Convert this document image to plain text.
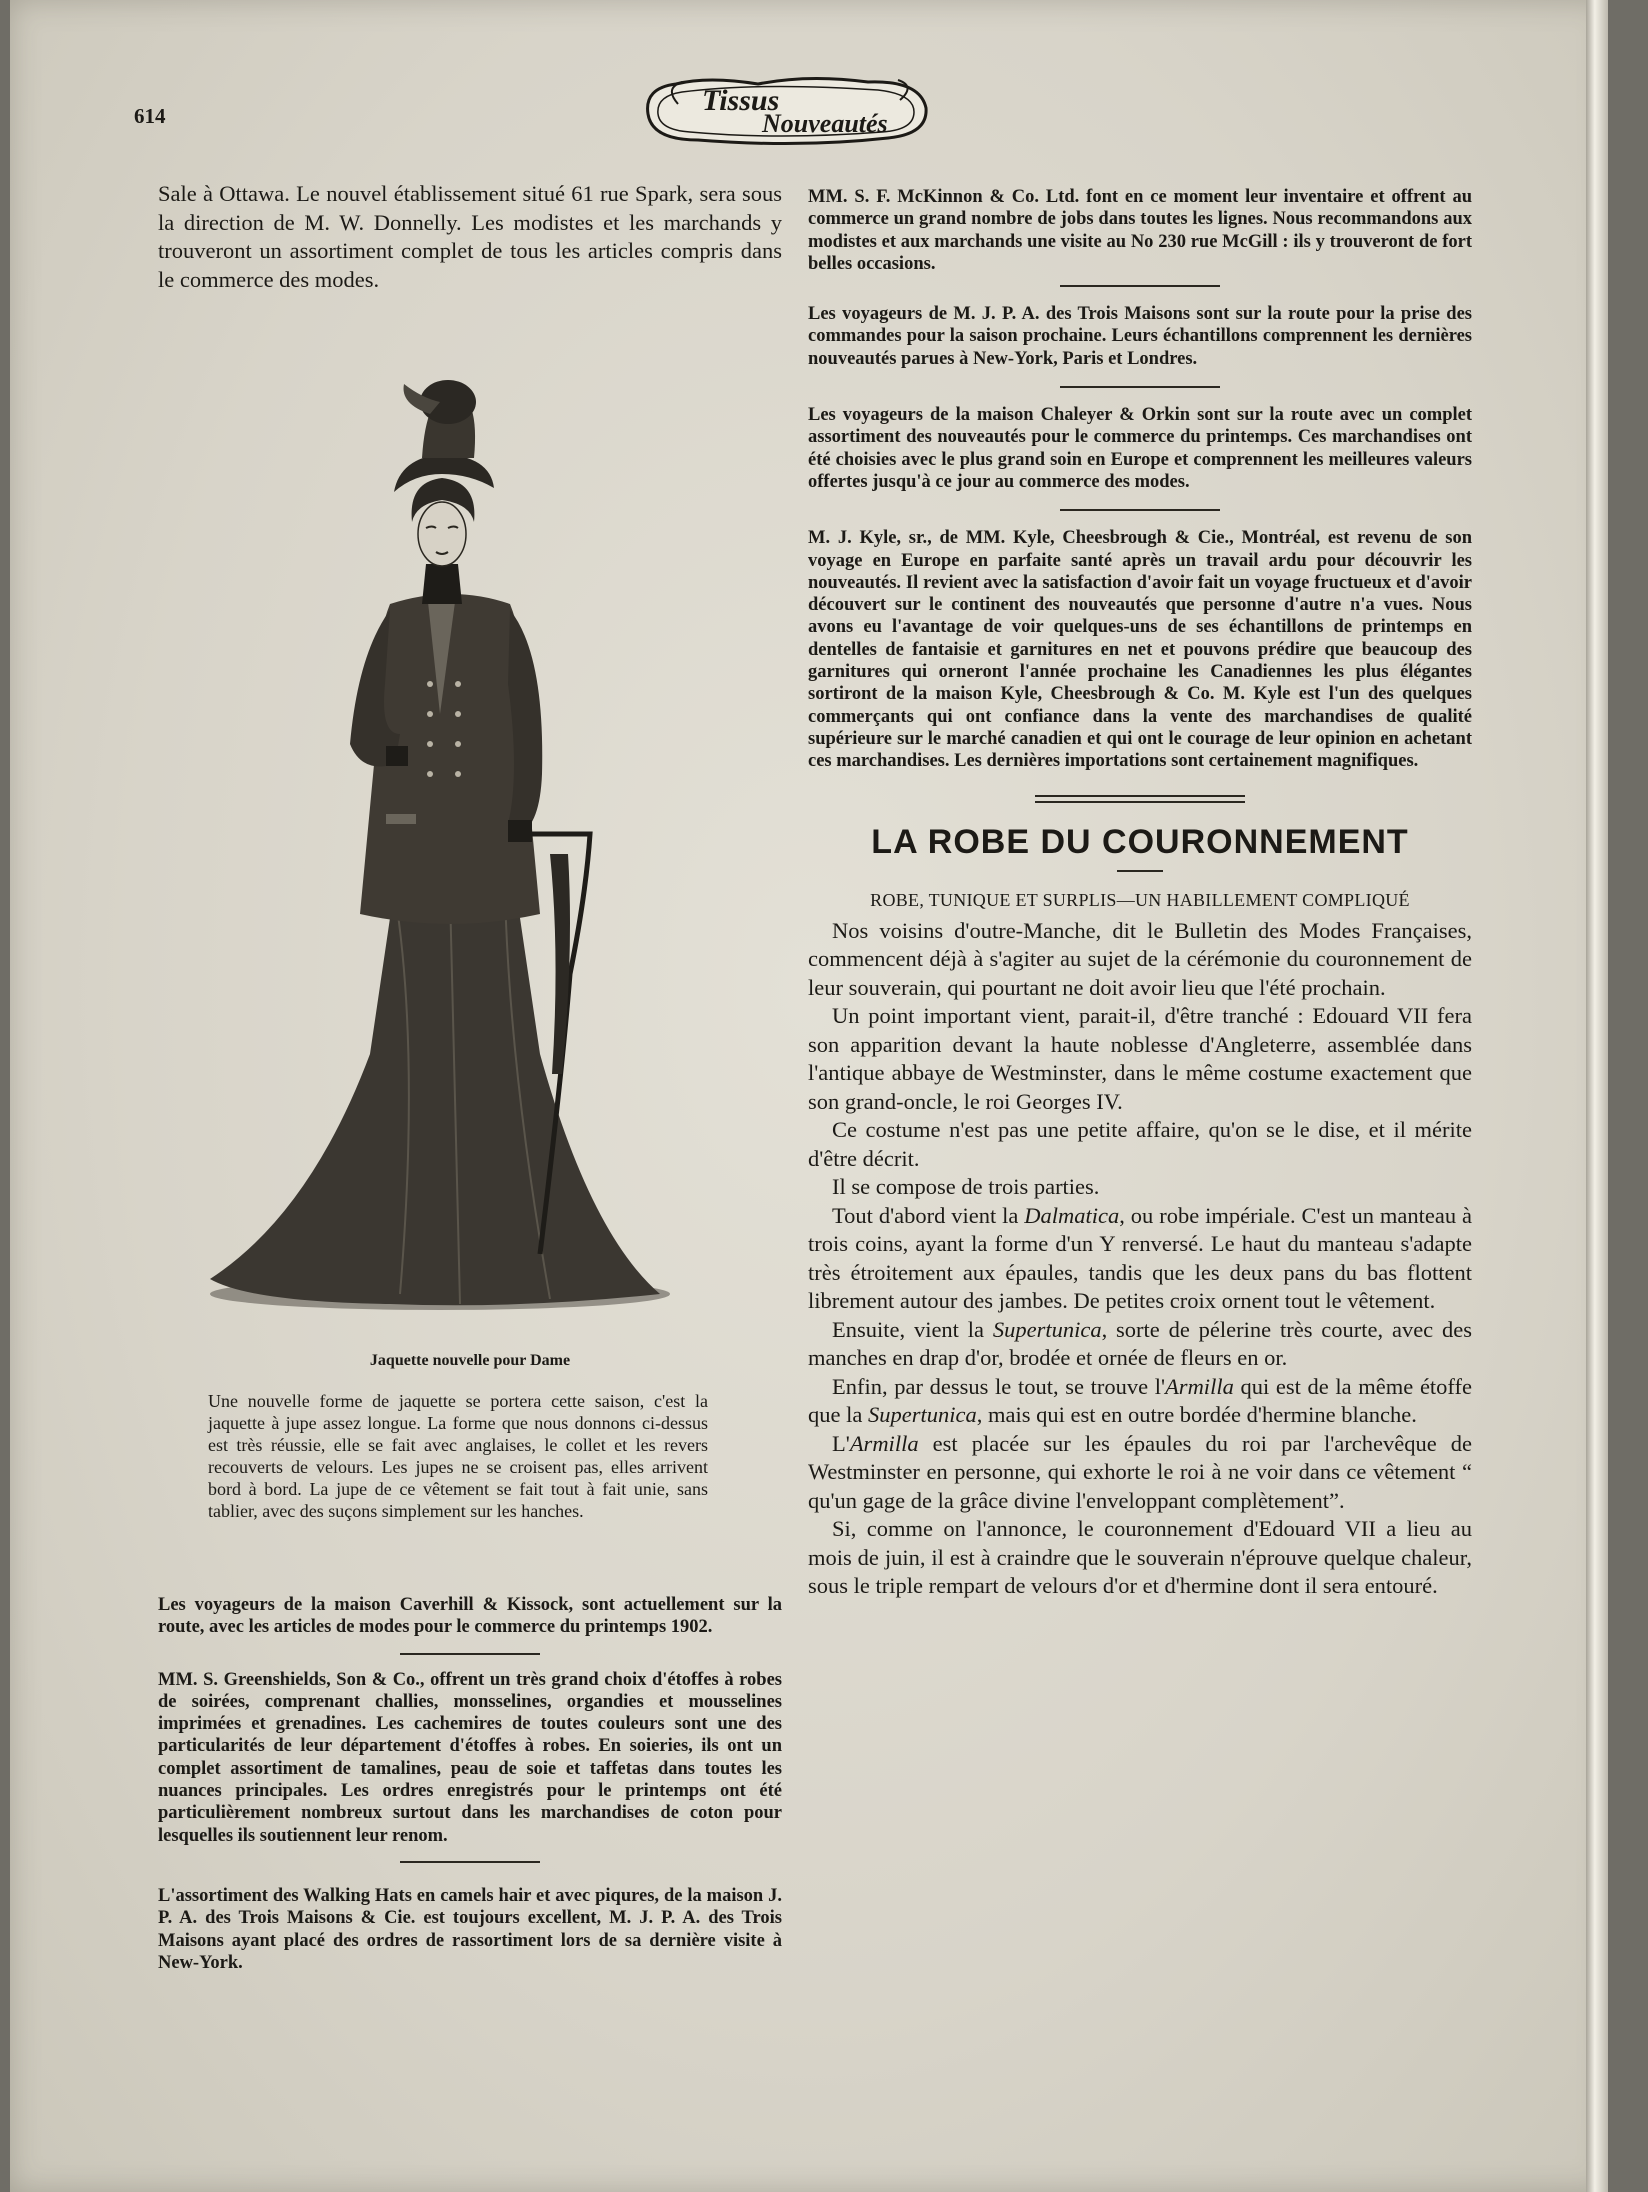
614	Tissus
Nouveautés

Sale à Ottawa. Le nouvel établissement situé 61 rue Spark, sera sous la direction de M. W. Donnelly. Les modistes et les marchands y trouveront un assortiment complet de tous les articles compris dans le commerce des modes.

Jaquette nouvelle pour Dame

Une nouvelle forme de jaquette se portera cette saison, c'est la jaquette à jupe assez longue. La forme que nous donnons ci-dessus est très réussie, elle se fait avec anglaises, le collet et les revers recouverts de velours. Les jupes ne se croisent pas, elles arrivent bord à bord. La jupe de ce vêtement se fait tout à fait unie, sans tablier, avec des suçons simplement sur les hanches.

Les voyageurs de la maison Caverhill & Kissock, sont actuellement sur la route, avec les articles de modes pour le commerce du printemps 1902.

MM. S. Greenshields, Son & Co., offrent un très grand choix d'étoffes à robes de soirées, comprenant challies, monsselines, organdies et mousselines imprimées et grenadines. Les cachemires de toutes couleurs sont une des particularités de leur département d'étoffes à robes. En soieries, ils ont un complet assortiment de tamalines, peau de soie et taffetas dans toutes les nuances principales. Les ordres enregistrés pour le printemps ont été particulièrement nombreux surtout dans les marchandises de coton pour lesquelles ils soutiennent leur renom.

L'assortiment des Walking Hats en camels hair et avec piqures, de la maison J. P. A. des Trois Maisons & Cie. est toujours excellent, M. J. P. A. des Trois Maisons ayant placé des ordres de rassortiment lors de sa dernière visite à New-York.

MM. S. F. McKinnon & Co. Ltd. font en ce moment leur inventaire et offrent au commerce un grand nombre de jobs dans toutes les lignes. Nous recommandons aux modistes et aux marchands une visite au No 230 rue McGill : ils y trouveront de fort belles occasions.

Les voyageurs de M. J. P. A. des Trois Maisons sont sur la route pour la prise des commandes pour la saison prochaine. Leurs échantillons comprennent les dernières nouveautés parues à New-York, Paris et Londres.

Les voyageurs de la maison Chaleyer & Orkin sont sur la route avec un complet assortiment des nouveautés pour le commerce du printemps. Ces marchandises ont été choisies avec le plus grand soin en Europe et comprennent les meilleures valeurs offertes jusqu'à ce jour au commerce des modes.

M. J. Kyle, sr., de MM. Kyle, Cheesbrough & Cie., Montréal, est revenu de son voyage en Europe en parfaite santé après un travail ardu pour découvrir les nouveautés. Il revient avec la satisfaction d'avoir fait un voyage fructueux et d'avoir découvert sur le continent des nouveautés que personne d'autre n'a vues. Nous avons eu l'avantage de voir quelques-uns de ses échantillons de printemps en dentelles de fantaisie et garnitures en net et pouvons prédire que beaucoup des garnitures qui orneront l'année prochaine les Canadiennes les plus élégantes sortiront de la maison Kyle, Cheesbrough & Co. M. Kyle est l'un des quelques commerçants qui ont confiance dans la vente des marchandises de qualité supérieure sur le marché canadien et qui ont le courage de leur opinion en achetant ces marchandises. Les dernières importations sont certainement magnifiques.

LA ROBE DU COURONNEMENT

ROBE, TUNIQUE ET SURPLIS—UN HABILLEMENT COMPLIQUÉ

Nos voisins d'outre-Manche, dit le Bulletin des Modes Françaises, commencent déjà à s'agiter au sujet de la cérémonie du couronnement de leur souverain, qui pourtant ne doit avoir lieu que l'été prochain.

Un point important vient, parait-il, d'être tranché : Edouard VII fera son apparition devant la haute noblesse d'Angleterre, assemblée dans l'antique abbaye de Westminster, dans le même costume exactement que son grand-oncle, le roi Georges IV.

Ce costume n'est pas une petite affaire, qu'on se le dise, et il mérite d'être décrit.

Il se compose de trois parties.

Tout d'abord vient la Dalmatica, ou robe impériale. C'est un manteau à trois coins, ayant la forme d'un Y renversé. Le haut du manteau s'adapte très étroitement aux épaules, tandis que les deux pans du bas flottent librement autour des jambes. De petites croix ornent tout le vêtement.

Ensuite, vient la Supertunica, sorte de pélerine très courte, avec des manches en drap d'or, brodée et ornée de fleurs en or.

Enfin, par dessus le tout, se trouve l'Armilla qui est de la même étoffe que la Supertunica, mais qui est en outre bordée d'hermine blanche.

L'Armilla est placée sur les épaules du roi par l'archevêque de Westminster en personne, qui exhorte le roi à ne voir dans ce vêtement “ qu'un gage de la grâce divine l'enveloppant complètement”.

Si, comme on l'annonce, le couronnement d'Edouard VII a lieu au mois de juin, il est à craindre que le souverain n'éprouve quelque chaleur, sous le triple rempart de velours d'or et d'hermine dont il sera entouré.
